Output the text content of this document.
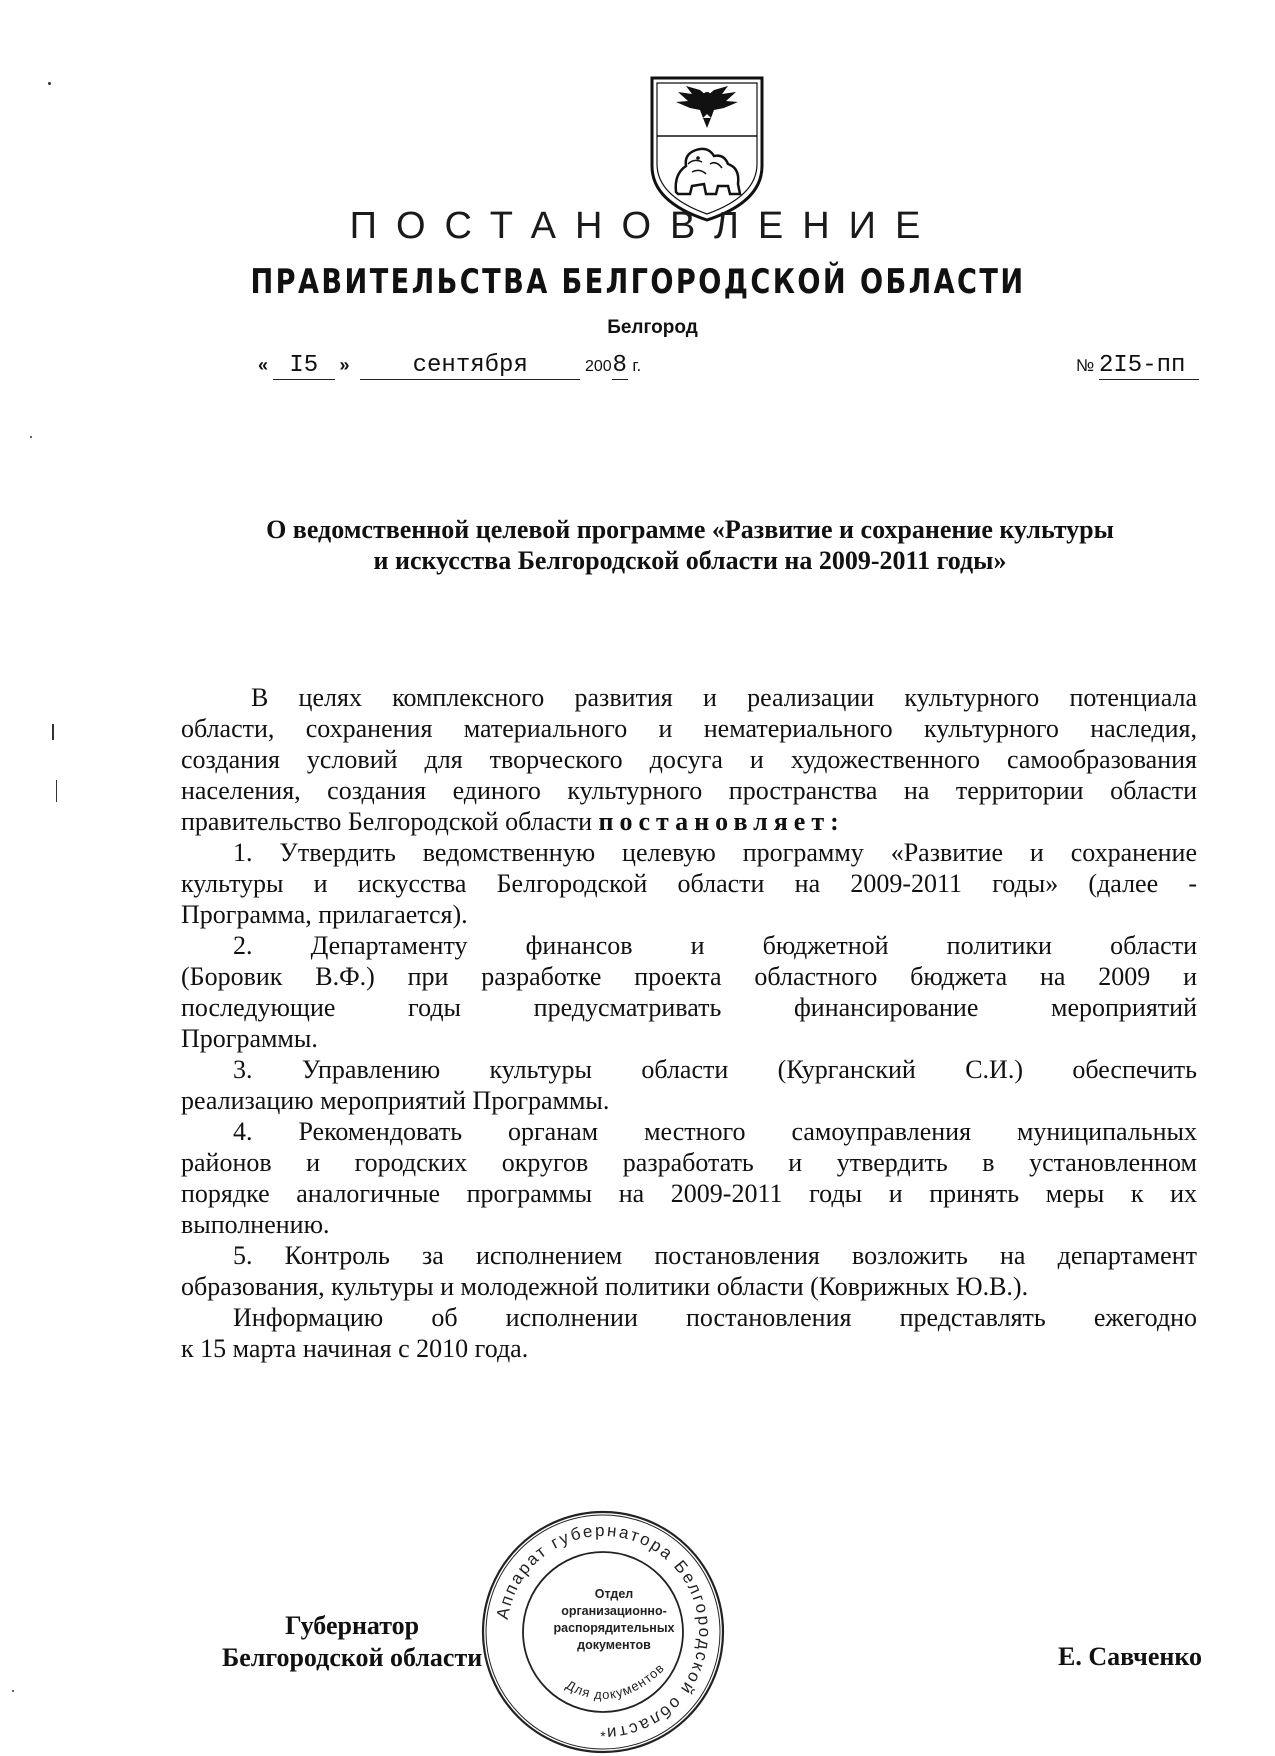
ПОСТАНОВЛЕНИЕ
ПРАВИТЕЛЬСТВА БЕЛГОРОДСКОЙ ОБЛАСТИ
Белгород
« I5 »	сентября	2008 г.	№ 2I5-пп
О ведомственной целевой программе «Развитие и сохранение культуры
и искусства Белгородской области на 2009-2011 годы»

В целях комплексного развития и реализации культурного потенциала

области, сохранения материального и нематериального культурного наследия,

создания условий для творческого досуга и художественного самообразования

населения, создания единого культурного пространства на территории области

правительство Белгородской области постановляет:

1. Утвердить ведомственную целевую программу «Развитие и сохранение

культуры и искусства Белгородской области на 2009-2011 годы» (далее -

Программа, прилагается).

2. Департаменту финансов и бюджетной политики области

(Боровик В.Ф.) при разработке проекта областного бюджета на 2009 и

последующие годы предусматривать финансирование мероприятий

Программы.

3. Управлению культуры области (Курганский С.И.) обеспечить

реализацию мероприятий Программы.

4. Рекомендовать органам местного самоуправления муниципальных

районов и городских округов разработать и утвердить в установленном

порядке аналогичные программы на 2009-2011 годы и принять меры к их

выполнению.

5. Контроль за исполнением постановления возложить на департамент

образования, культуры и молодежной политики области (Коврижных Ю.В.).

Информацию об исполнении постановления представлять ежегодно

к 15 марта начиная с 2010 года.

Аппарат губернатора Белгородской области
Для документов
*
Отдел
организационно-
распорядительных
документов
Губернатор
Белгородской области	Е. Савченко
